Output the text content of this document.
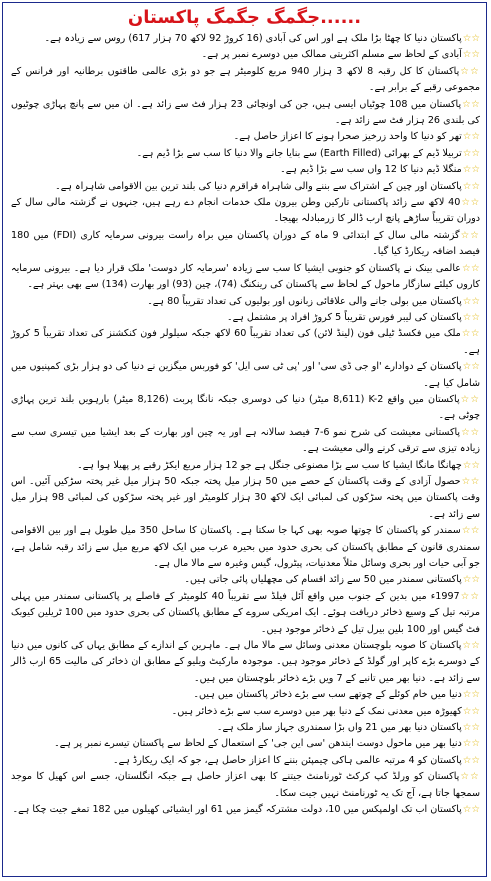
جگمگ جگمگ پاکستان......

☆☆پاکستان دنیا کا چھٹا بڑا ملک ہے اور اس کی آبادی (16 کروڑ 92 لاکھ 70 ہزار 617) روس سے زیادہ ہے۔

☆☆آبادی کے لحاظ سے مسلم اکثریتی ممالک میں دوسرے نمبر پر ہے۔

☆☆پاکستان کا کل رقبہ 8 لاکھ 3 ہزار 940 مربع کلومیٹر ہے جو دو بڑی عالمی طاقتوں برطانیہ اور فرانس کے مجموعی رقبے کے برابر ہے۔

☆☆پاکستان میں 108 چوٹیاں ایسی ہیں، جن کی اونچائی 23 ہزار فٹ سے زائد ہے۔ ان میں سے پانچ پہاڑی چوٹیوں کی بلندی 26 ہزار فٹ سے زائد ہے۔

☆☆تھر کو دنیا کا واحد زرخیز صحرا ہونے کا اعزاز حاصل ہے۔

☆☆تربیلا ڈیم کے بھرائی (Earth Filled) سے بنایا جانے والا دنیا کا سب سے بڑا ڈیم ہے۔

☆☆منگلا ڈیم دنیا کا 12 واں سب سے بڑا ڈیم ہے۔

☆☆پاکستان اور چین کے اشتراک سے بننے والی شاہراہ قراقرم دنیا کی بلند ترین بین الاقوامی شاہراہ ہے۔

☆☆40 لاکھ سے زائد پاکستانی تارکین وطن بیرون ملک خدمات انجام دے رہے ہیں، جنہوں نے گزشتہ مالی سال کے دوران تقریباً ساڑھے پانچ ارب ڈالر کا زرمبادلہ بھیجا۔

☆☆گزشتہ مالی سال کے ابتدائی 9 ماہ کے دوران پاکستان میں براہ راست بیرونی سرمایہ کاری (FDI) میں 180 فیصد اضافہ ریکارڈ کیا گیا۔

☆☆عالمی بینک نے پاکستان کو جنوبی ایشیا کا سب سے زیادہ 'سرمایہ کار دوست' ملک قرار دیا ہے۔ بیرونی سرمایہ کاروں کیلئے سازگار ماحول کے لحاظ سے پاکستان کی رینکنگ (74)، چین (93) اور بھارت (134) سے بھی بہتر ہے۔

☆☆پاکستان میں بولی جانے والی علاقائی زبانوں اور بولیوں کی تعداد تقریباً 80 ہے۔

☆☆پاکستان کی لیبر فورس تقریباً 5 کروڑ افراد پر مشتمل ہے۔

☆☆ملک میں فکسڈ ٹیلی فون (لینڈ لائن) کی تعداد تقریباً 60 لاکھ جبکہ سیلولر فون کنکشنز کی تعداد تقریباً 5 کروڑ ہے۔

☆☆پاکستان کے دوادارے 'او جی ڈی سی' اور 'پی ٹی سی ایل' کو فوربس میگزین نے دنیا کی دو ہزار بڑی کمپنیوں میں شامل کیا ہے۔

☆☆پاکستان میں واقع K-2 (8,611 میٹر) دنیا کی دوسری جبکہ نانگا پربت (8,126 میٹر) بارہویں بلند ترین پہاڑی چوٹی ہے۔

☆☆پاکستانی معیشت کی شرح نمو 6-7 فیصد سالانہ ہے اور یہ چین اور بھارت کے بعد ایشیا میں تیسری سب سے زیادہ تیزی سے ترقی کرنے والی معیشت ہے۔

☆☆چھانگا مانگا ایشیا کا سب سے بڑا مصنوعی جنگل ہے جو 12 ہزار مربع ایکڑ رقبے پر پھیلا ہوا ہے۔

☆☆حصول آزادی کے وقت پاکستان کے حصے میں 50 ہزار میل پختہ جبکہ 50 ہزار میل غیر پختہ سڑکیں آئیں۔ اس وقت پاکستان میں پختہ سڑکوں کی لمبائی ایک لاکھ 30 ہزار کلومیٹر اور غیر پختہ سڑکوں کی لمبائی 98 ہزار میل سے زائد ہے۔

☆☆سمندر کو پاکستان کا چوتھا صوبہ بھی کہا جا سکتا ہے۔ پاکستان کا ساحل 350 میل طویل ہے اور بین الاقوامی سمندری قانون کے مطابق پاکستان کی بحری حدود میں بحیرہ عرب میں ایک لاکھ مربع میل سے زائد رقبہ شامل ہے، جو آبی حیات اور بحری وسائل مثلاً معدنیات، پیٹرول، گیس وغیرہ سے مالا مال ہے۔

☆☆پاکستانی سمندر میں 50 سے زائد اقسام کی مچھلیاں پائی جاتی ہیں۔

☆☆1997ء میں بدین کے جنوب میں واقع آئل فیلڈ سے تقریباً 40 کلومیٹر کے فاصلے پر پاکستانی سمندر میں پہلی مرتبہ تیل کے وسیع ذخائر دریافت ہوئے۔ ایک امریکی سروے کے مطابق پاکستان کی بحری حدود میں 100 ٹریلین کیوبک فٹ گیس اور 100 بلین بیرل تیل کے ذخائر موجود ہیں۔

☆☆پاکستان کا صوبہ بلوچستان معدنی وسائل سے مالا مال ہے۔ ماہرین کے اندازے کے مطابق یہاں کی کانوں میں دنیا کے دوسرے بڑے کاپر اور گولڈ کے ذخائر موجود ہیں۔ موجودہ مارکیٹ ویلیو کے مطابق ان ذخائر کی مالیت 65 ارب ڈالر سے زائد ہے۔ دنیا بھر میں تانبے کے 7 ویں بڑے ذخائر بلوچستان میں ہیں۔

☆☆دنیا میں خام کوئلے کے چوتھے سب سے بڑے ذخائر پاکستان میں ہیں۔

☆☆کھیوڑہ میں معدنی نمک کے دنیا بھر میں دوسرے سب سے بڑے ذخائر ہیں۔

☆☆پاکستان دنیا بھر میں 21 واں بڑا سمندری جہاز ساز ملک ہے۔

☆☆دنیا بھر میں ماحول دوست ایندھن 'سی این جی' کے استعمال کے لحاظ سے پاکستان تیسرے نمبر پر ہے۔

☆☆پاکستان کو 4 مرتبہ عالمی ہاکی چیمپئن بننے کا اعزاز حاصل ہے، جو کہ ایک ریکارڈ ہے۔

☆☆پاکستان کو ورلڈ کپ کرکٹ ٹورنامنٹ جیتنے کا بھی اعزاز حاصل ہے جبکہ انگلستان، جسے اس کھیل کا موجد سمجھا جاتا ہے، آج تک یہ ٹورنامنٹ نہیں جیت سکا۔

☆☆پاکستان اب تک اولمپکس میں 10، دولت مشترکہ گیمز میں 61 اور ایشیائی کھیلوں میں 182 تمغے جیت چکا ہے۔
